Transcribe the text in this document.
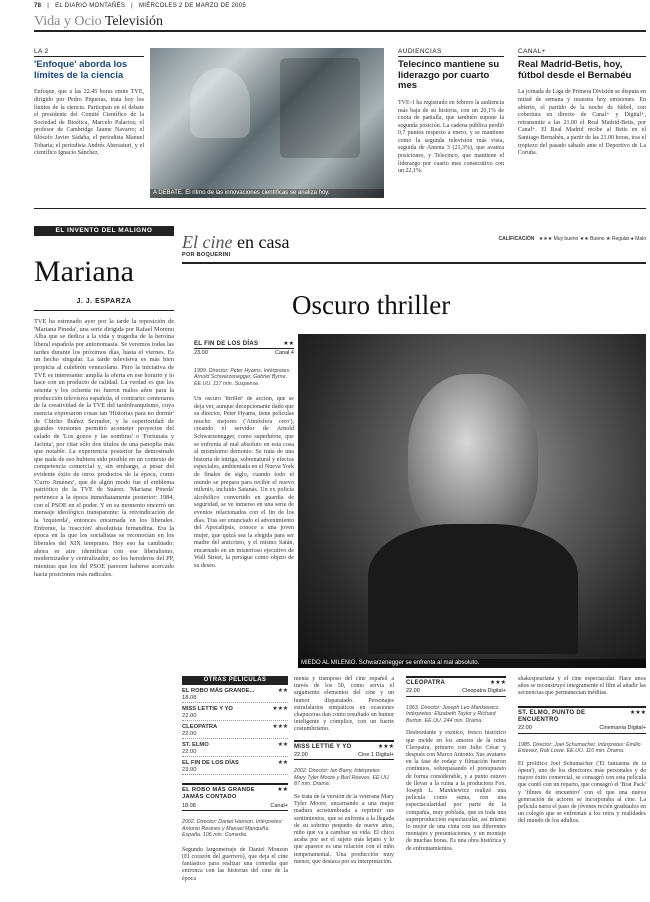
78 | EL DIARIO MONTAÑÉS | MIÉRCOLES 2 DE MARZO DE 2005
Vida y Ocio Televisión
LA 2
'Enfoque' aborda los límites de la ciencia
Enfoque, que a las 22.45 horas emite TVE, dirigido por Pedro Piqueras, trata hoy los límites de la ciencia. Participan en el debate el presidente del Comité Científico de la Sociedad de Bioética, Marcelo Palacios; el profesor de Cambridge Jaume Navarro; el filósofo Javier Sádaba, el periodista Manuel Toharia; el periodista Andrés Aberasturi, y el científico Ignacio Sánchez.
A DEBATE. El ritmo de las innovaciones científicas se analiza hoy.
AUDIENCIAS
Telecinco mantiene su liderazgo por cuarto mes
TVE-1 ha registrado en febrero la audiencia más baja de su historia, con un 20,1% de cuota de pantalla, que también supone la segunda posición. La cadena pública perdió 0,7 puntos respecto a enero, y se mantiene como la segunda televisión más vista, seguida de Antena 3 (21,3%), que avanza posiciones, y Telecinco, que mantiene el liderazgo por cuarto mes consecutivo con un 22,1%.
CANAL+
Real Madrid-Betis, hoy, fútbol desde el Bernabéu
La jornada de Liga de Primera División se disputa en mitad de semana y muestra hoy emisiones. En abierto, el partido de la noche de fútbol, con cobertura en directo de Canal+ y Digital+, retransmite a las 21.00 el Real Madrid-Betis, por Canal+. El Real Madrid recibe al Betis en el Santiago Bernabéu, a partir de las 21.00 horas, tras el tropiezo del pasado sábado ante el Deportivo de La Coruña.
EL INVENTO DEL MALIGNO
Mariana
J. J. ESPARZA
TVE ha estrenado ayer por la tarde la reposición de 'Mariana Pineda', una serie dirigida por Rafael Moreno Alba que se dedica a la vida y tragedia de la heroína liberal española por antonomasia. Se veremos todas las tardes durante los próximos días, hasta el viernes. Es un hecho singular. La tarde televisiva es más bien propicia al culebrón venezolano. Pero la iniciativa de TVE es interesante: amplía la oferta en ese horario y lo hace con un producto de calidad. La verdad es que los setenta y los ochenta no fueron malos años para la producción televisiva española, el contrario: centenares de la creatividad de la TVE del tardofranquismo, cuya esencia expresaron cosas tan 'Historias para no dormir' de Chicho Ibáñez Serrador, y la superioridad de grandes versiones permitió acometer proyectos del calado de 'Los gozos y las sombras' o 'Fortunata y Jacinta', por citar sólo dos títulos de una panoplia más que notable. La experiencia posterior ha demostrado que nada de eso hubiera sido posible en un contexto de competencia comercial y, sin embargo, a pesar del evidente éxito de otros productos de la época, como 'Curro Jiménez', que de algún modo fue el emblema patriótico de la TVE de Suárez. 'Mariana Pineda' pertenece a la época inmediatamente posterior: 1984, con el PSOE en el poder. Y en su momento encerró un mensaje ideológico transparente: la reivindicación de la 'izquierda', entonces encarnada en los liberales. Enfrente, la 'reacción' absolutista fernandina. Era la época en la que los socialistas se reconocían en los liberales del XIX temprano. Hoy eso ha cambiado: ahora es aire identificar con ese liberalismo, modernizador y centralizador, no los herederos del PP, mientras que los del PSOE parecen haberse acercado hacia posiciones más radicales.
El cine en casa
POR BOQUERINI
CALIFICACIÓN ★★★ Muy bueno ★★ Bueno ★ Regular ● Malo
Oscuro thriller
EL FIN DE LOS DÍAS	★★
23.00	Canal 4
1999. Director: Peter Hyams. Intérpretes: Arnold Schwarzenegger, Gabriel Byrne. EE.UU. 117 min. Suspense.
Un oscuro 'thriller' de acción, que se deja ver, aunque decepcionante dado que su director, Peter Hyams, tiene películas mucho mejores ('Atmósfera cero'), creando el servidor de Arnold Schwarzenegger, como superhéroe, que se enfrenta al mal absoluto en esta cosa al mismísimo demonio. Se trata de una historia de intriga, sobrenatural y efectos especiales, ambientada en el Nueva York de finales de siglo, cuando todo el mundo se prepara para recibir el nuevo milenio, incluido Satanás. Un ex policía alcohólico convertido en guardia de seguridad, se ve inmerso en una serie de eventos relacionados con el fin de los días. Tras ser enunciado el advenimiento del Apocalipsis, conoce a una joven mujer, que quizá sea la elegida para ser madre del anticristo, y el mismo Satán, encarnado en un misterioso ejecutivo de Wall Street, la persigue como objeto de su deseo.
MIEDO AL MILENIO. Schwarzenegger se enfrenta al mal absoluto.
OTRAS PELÍCULAS
EL ROBO MÁS GRANDE...	★★
18.08
MISS LETTIE Y YO	★★★
22.00
CLEOPATRA	★★★
22.00
ST. ELMO	★★
22.00
EL FIN DE LOS DÍAS	★★
23.00
EL ROBO MÁS GRANDE JAMÁS CONTADO
★★
18.08	Canal+
2002. Director: Daniel Hanson. Intérpretes: Antonio Resines y Manuel Manquiña. España. 106 min. Comedia.
Segundo largometraje de Daniel Monzón (El corazón del guerrero), que deja el cine fantástico para realizar una comedia que entronca con las historias del cine de la época
menta y tramposo del cine español a través de los 50, como servía el argumento elementos del cine y un humor disparatado. Personajes estrafalarios simpáticos en ocasiones chapuceras dan como resultado un humor inteligente y cómplice, con un fuerte costumbrismo.
MISS LETTIE Y YO	★★★
22.00	Cine 1 Digital+
2002. Director: Ian Barry. Intérpretes: Mary Tyler Moore y Burl Reeves. EE.UU. 87 min. Drama.
Se trata de la versión de la veterana Mary Tyler Moore, encarnando a una mujer madura acostumbrada a reprimir sus sentimientos, que se enfrenta a la llegada de su sobrino pequeño de nueve años, niño que va a cambiar su vida. El chico acaba por ser el sujeto más lejano y lo que aparece es una relación con el niño temperamental. Una producción muy menor, que destaca por su interpretación.
CLEOPATRA	★★★
22.00	Cleopatra Digital+
1963. Director: Joseph Leo Mankiewicz. Intérpretes: Elizabeth Taylor y Richard Burton. EE.UU. 244 min. Drama.
Desbordante y exótico, fresco histórico que incide en los amores de la reina Cleopatra, primero con Julio César y después con Marco Antonio. Sus avatares en la fase de rodaje y filmación fueron continuos, sobrepasando el presupuesto de forma considerable, y a punto estuvo de llevar a la ruina a la productora Fox. Joseph L. Mankiewicz realizó una película como suma, con una espectacularidad por parte de la compañía, muy poblada, que es toda una superproducción espectacular, así mismo lo mejor de una cinta con sus diferentes montajes y presentaciones, y un montaje de muchas horas. Es una obra histórica y de enfrentamientos.
shakespeariana y el cine espectacular. Hace unos años se reconstruyó íntegramente el film al añadir las secuencias que permanecían inéditas.
ST. ELMO, PUNTO DE ENCUENTRO
★★★
22.00	Cinemanía Digital+
1985. Director: Joel Schumacher. Intérpretes: Emilio Estevez, Rob Lowe. EE.UU. 110 min. Drama.
El prolífico Joel Schumacher ('El fantasma de la ópera'), uno de los directores más personales y de mayor éxito comercial, se consagró con esta película que contó con un reparto, que consagró el 'Brat Pack' y 'filmes de encuentro' con el que una nueva generación de actores se incorporaba al cine. La película narra el paso de jóvenes recién graduados en un colegio que se enfrentan a los retos y realidades del mundo de los adultos.
